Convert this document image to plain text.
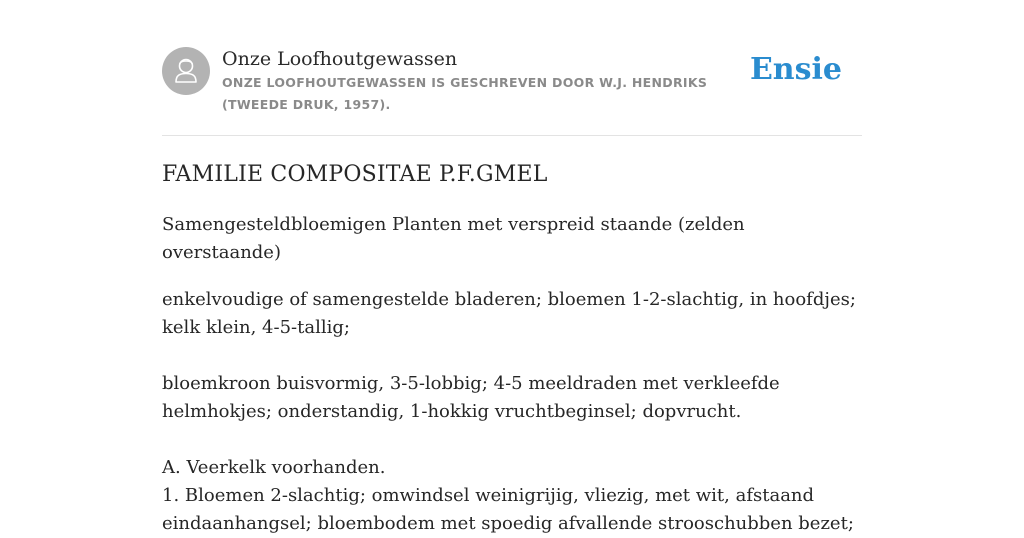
Onze Loofhoutgewassen
ONZE LOOFHOUTGEWASSEN IS GESCHREVEN DOOR W.J. HENDRIKS (TWEEDE DRUK, 1957).
Ensie
FAMILIE COMPOSITAE P.F.GMEL

Samengesteldbloemigen Planten met verspreid staande (zelden overstaande)

enkelvoudige of samengestelde bladeren; bloemen 1-2-slachtig, in hoofdjes; kelk klein, 4-5-tallig;

bloemkroon buisvormig, 3-5-lobbig; 4-5 meeldraden met verkleefde helmhokjes; onderstandig, 1-hokkig vruchtbeginsel; dopvrucht.

A. Veerkelk voorhanden.
1. Bloemen 2-slachtig; omwindsel weinigrijig, vliezig, met wit, afstaand eindaanhangsel; bloembodem met spoedig afvallende strooschubben bezet;
